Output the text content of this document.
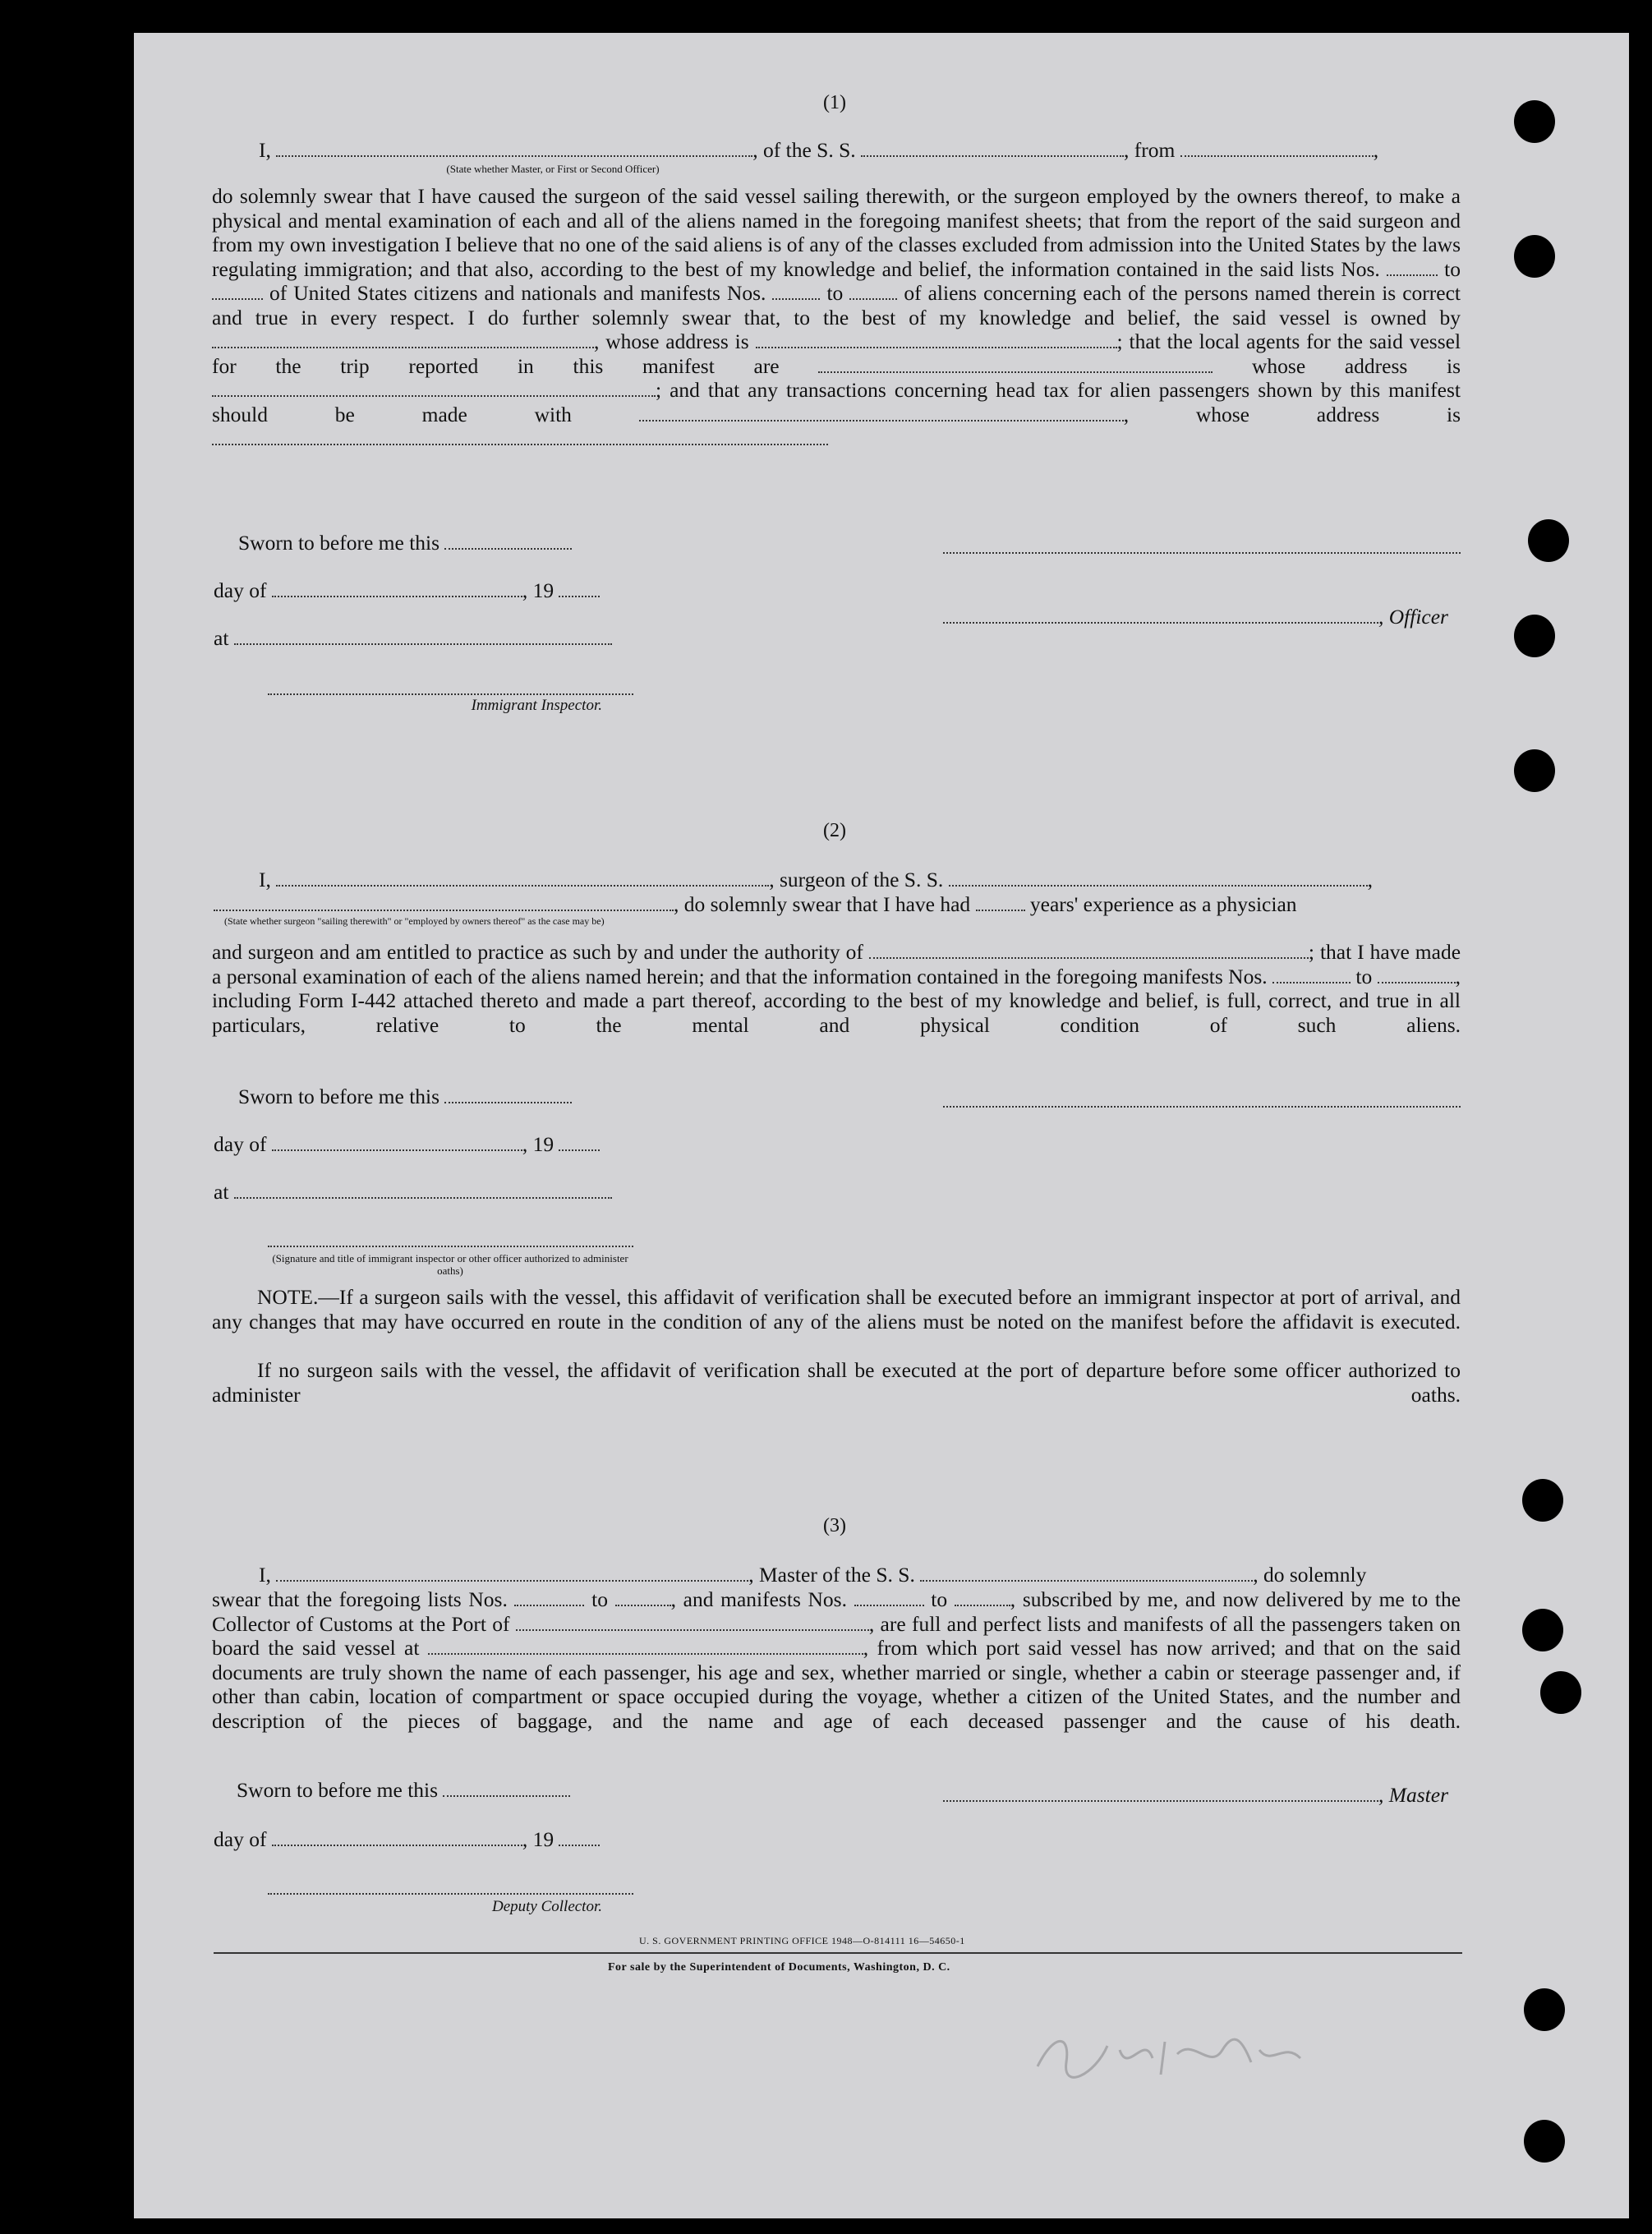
(1)
I,	, of the S. S.	, from	,
(State whether Master, or First or Second Officer)
do solemnly swear that I have caused the surgeon of the said vessel sailing therewith, or the surgeon employed by the owners thereof, to make a physical and mental examination of each and all of the aliens named in the foregoing manifest sheets; that from the report of the said surgeon and from my own investigation I believe that no one of the said aliens is of any of the classes excluded from admission into the United States by the laws regulating immigration; and that also, according to the best of my knowledge and belief, the information contained in the said lists Nos.	to  of United States citizens and nationals and manifests Nos.	to	of aliens concerning each of the persons named therein is correct and true in every respect. I do further solemnly swear that, to the best of my knowledge and belief, the said vessel is owned by , whose address is	; that the local agents for the said vessel for the trip reported in this manifest are	whose address is ; and that any transactions concerning head tax for alien passengers shown by this manifest should be made with	, whose address is
Sworn to before me this
day of	, 19
, Officer
at
Immigrant Inspector.
(2)
I,	, surgeon of the S. S.	,
, do solemnly swear that I have had	years' experience as a physician
(State whether surgeon "sailing therewith" or "employed by owners thereof" as the case may be)
and surgeon and am entitled to practice as such by and under the authority of	; that I have made a personal examination of each of the aliens named herein; and that the information contained in the foregoing manifests Nos.	to	, including Form I-442 attached thereto and made a part thereof, according to the best of my knowledge and belief, is full, correct, and true in all particulars, relative to the mental and physical condition of such aliens.
Sworn to before me this
day of	, 19
at
(Signature and title of immigrant inspector or other officer authorized to administer oaths)
NOTE.—If a surgeon sails with the vessel, this affidavit of verification shall be executed before an immigrant inspector at port of arrival, and any changes that may have occurred en route in the condition of any of the aliens must be noted on the manifest before the affidavit is executed.
If no surgeon sails with the vessel, the affidavit of verification shall be executed at the port of departure before some officer authorized to administer oaths.
(3)
I,	, Master of the S. S.	, do solemnly
swear that the foregoing lists Nos.	to	, and manifests Nos.	to	, subscribed by me, and now delivered by me to the Collector of Customs at the Port of	, are full and perfect lists and manifests of all the passengers taken on board the said vessel at	, from which port said vessel has now arrived; and that on the said documents are truly shown the name of each passenger, his age and sex, whether married or single, whether a cabin or steerage passenger and, if other than cabin, location of compartment or space occupied during the voyage, whether a citizen of the United States, and the number and description of the pieces of baggage, and the name and age of each deceased passenger and the cause of his death.
Sworn to before me this	, Master
day of	, 19
Deputy Collector.
U. S. GOVERNMENT PRINTING OFFICE 1948—O-814111 16—54650-1
For sale by the Superintendent of Documents, Washington, D. C.
